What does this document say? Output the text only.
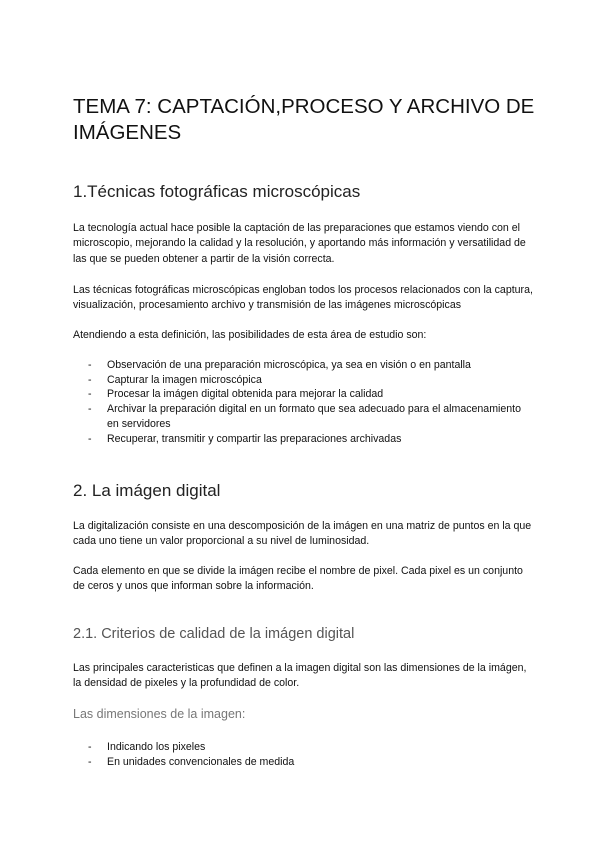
TEMA 7: CAPTACIÓN,PROCESO Y ARCHIVO DE IMÁGENES
1.Técnicas fotográficas microscópicas
La tecnología actual hace posible la captación de las preparaciones que estamos viendo con el microscopio, mejorando la calidad y la resolución, y aportando más información y versatilidad de las que se pueden obtener a partir de la visión correcta.
Las técnicas fotográficas microscópicas engloban todos los procesos relacionados con la captura, visualización, procesamiento archivo y transmisión de las imágenes microscópicas
Atendiendo a esta definición, las posibilidades de esta área de estudio son:
- Observación de una preparación microscópica, ya sea en visión o en pantalla
- Capturar la imagen microscópica
- Procesar la imágen digital obtenida para mejorar la calidad
- Archivar la preparación digital en un formato que sea adecuado para el almacenamiento en servidores
- Recuperar, transmitir y compartir las preparaciones archivadas
2. La imágen digital
La digitalización consiste en una descomposición de la imágen en una matriz de puntos en la que cada uno tiene un valor proporcional a su nivel de luminosidad.
Cada elemento en que se divide la imágen recibe el nombre de pixel. Cada pixel es un conjunto de ceros y unos que informan sobre la información.
2.1. Criterios de calidad de la imágen digital
Las principales caracteristicas que definen a la imagen digital son las dimensiones de la imágen, la densidad de pixeles y la profundidad de color.
Las dimensiones de la imagen:
- Indicando los pixeles
- En unidades convencionales de medida
